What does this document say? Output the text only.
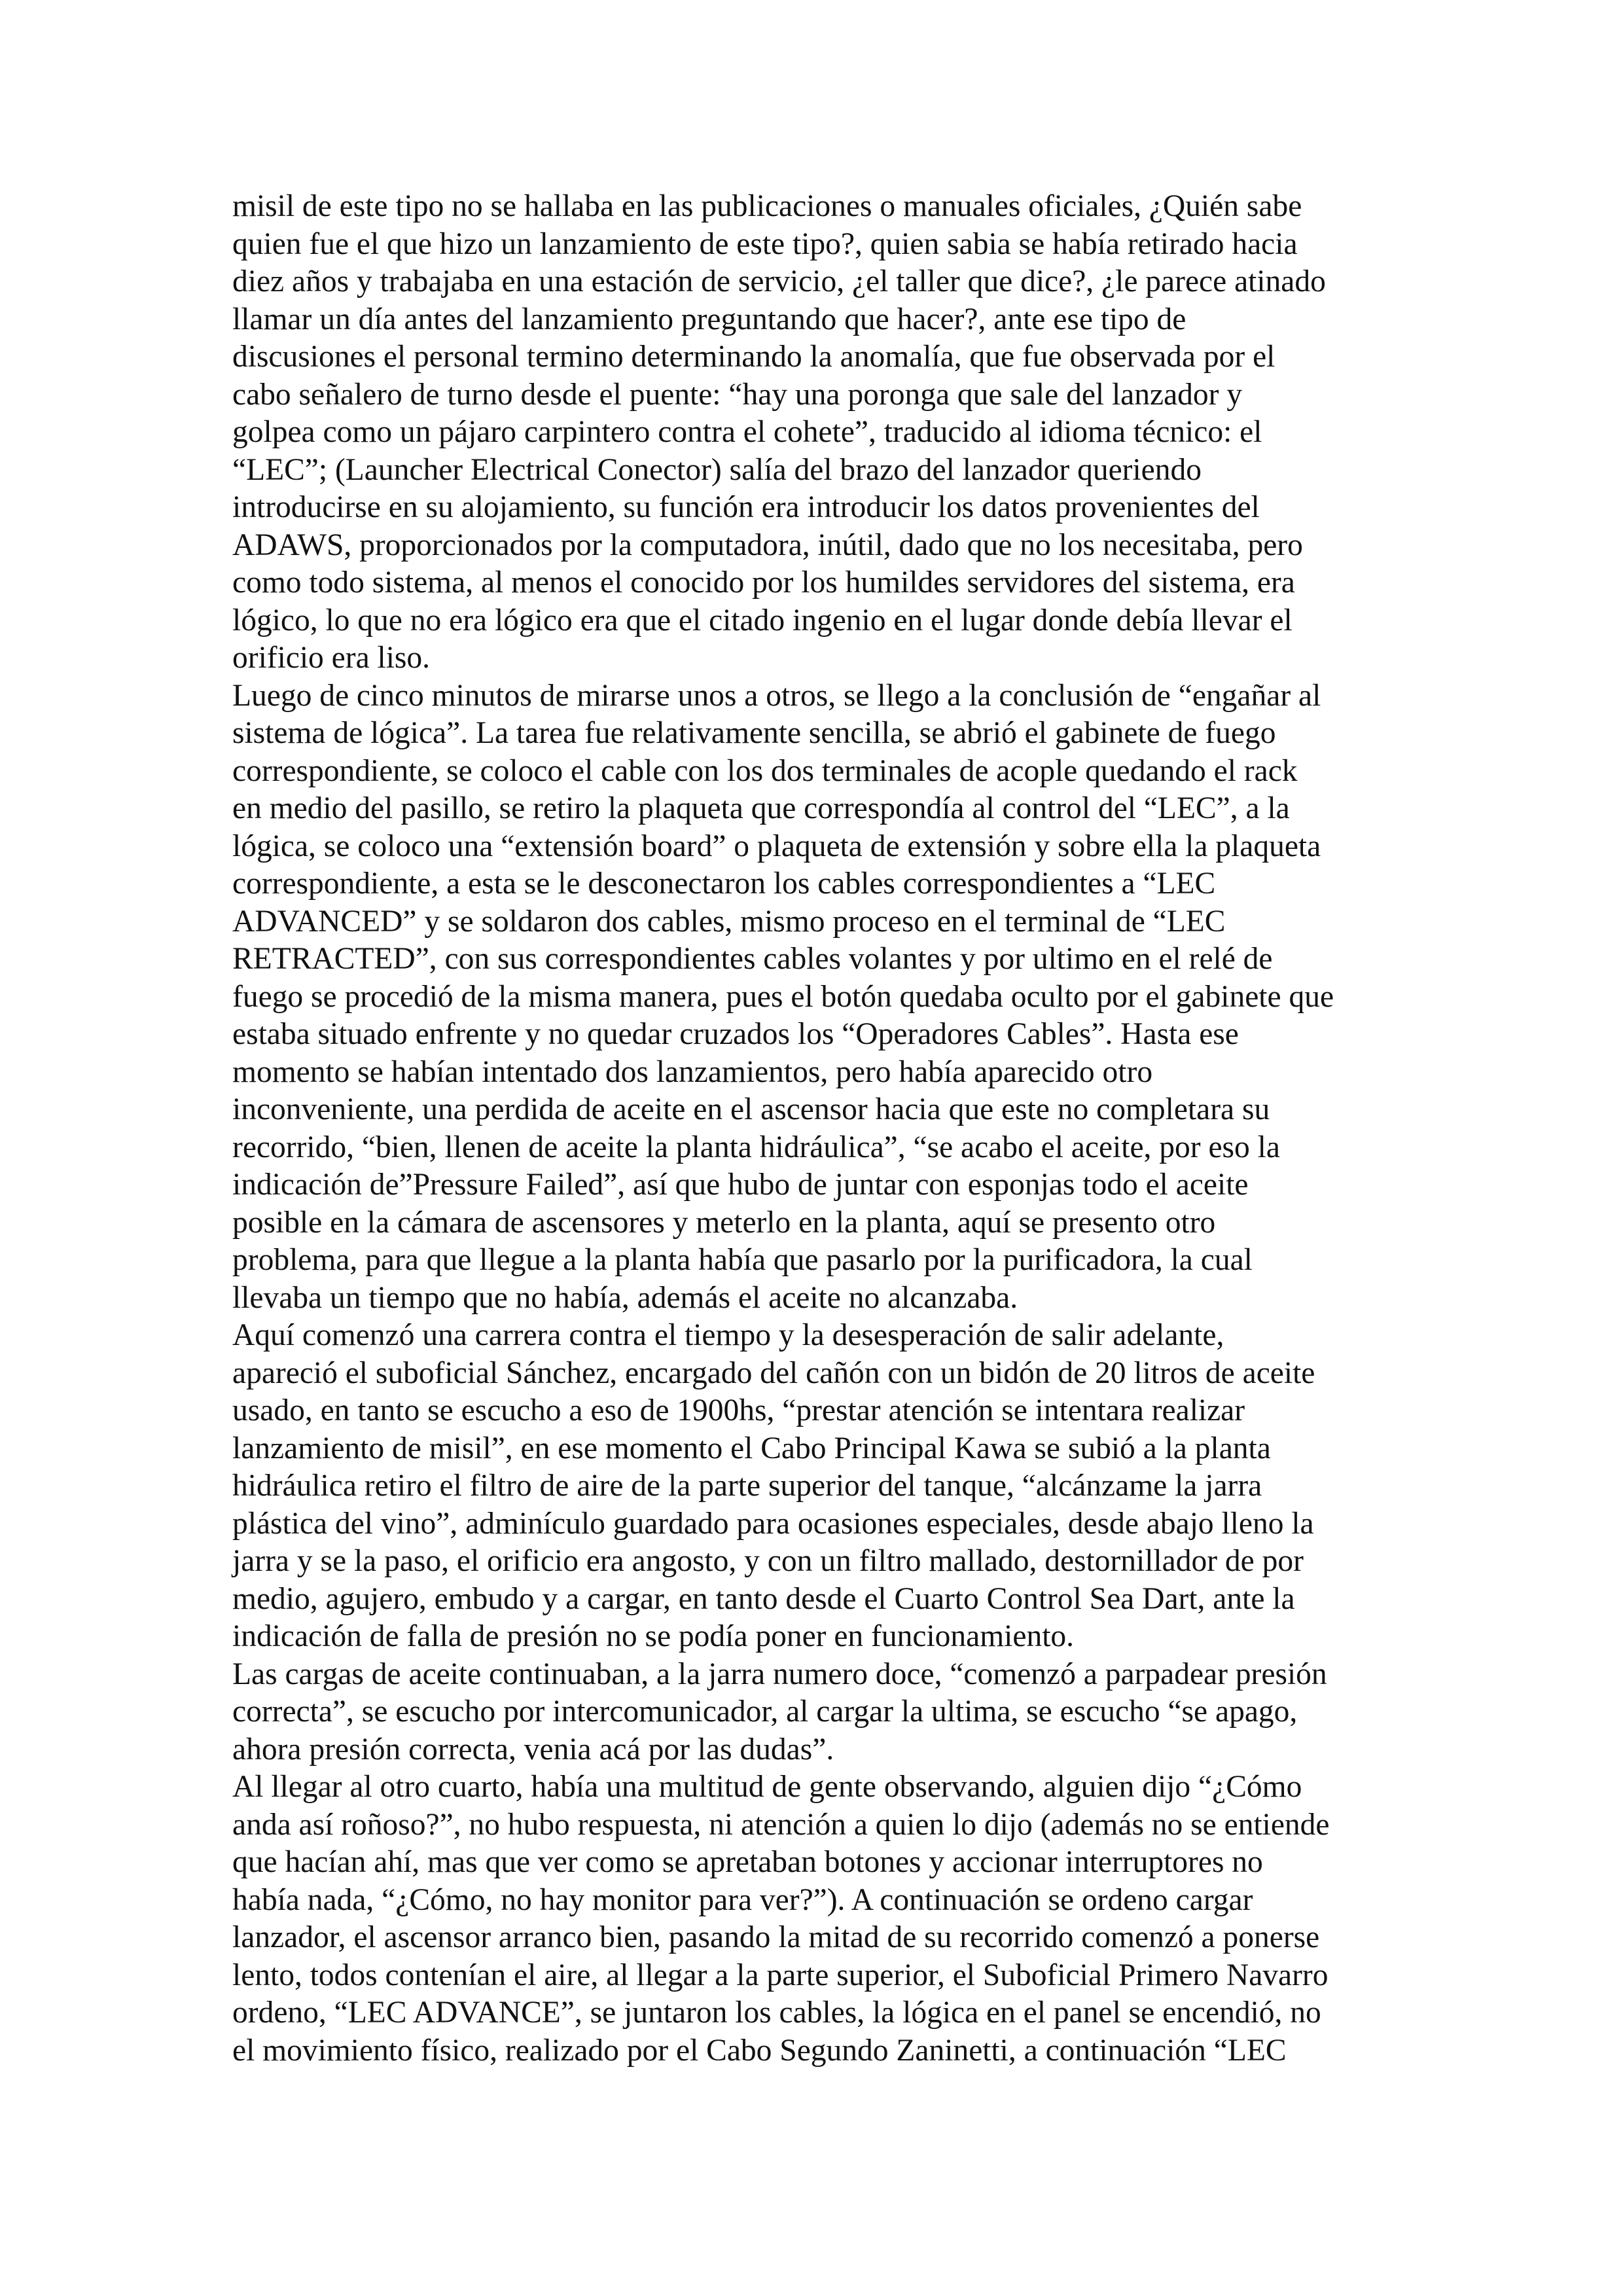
misil de este tipo no se hallaba en las publicaciones o manuales oficiales, ¿Quién sabe
quien fue el que hizo un lanzamiento de este tipo?, quien sabia se había retirado hacia
diez años y trabajaba en una estación de servicio, ¿el taller que dice?, ¿le parece atinado
llamar un día antes del lanzamiento preguntando que hacer?, ante ese tipo de
discusiones el personal termino determinando la anomalía, que fue observada por el
cabo señalero de turno desde el puente: “hay una poronga que sale del lanzador y
golpea como un pájaro carpintero contra el cohete”, traducido al idioma técnico: el
“LEC”; (Launcher Electrical Conector) salía del brazo del lanzador queriendo
introducirse en su alojamiento, su función era introducir los datos provenientes del
ADAWS, proporcionados por la computadora, inútil, dado que no los necesitaba, pero
como todo sistema, al menos el conocido por los humildes servidores del sistema, era
lógico, lo que no era lógico era que el citado ingenio en el lugar donde debía llevar el
orificio era liso.
Luego de cinco minutos de mirarse unos a otros, se llego a la conclusión de “engañar al
sistema de lógica”. La tarea fue relativamente sencilla, se abrió el gabinete de fuego
correspondiente, se coloco el cable con los dos terminales de acople quedando el rack
en medio del pasillo, se retiro la plaqueta que correspondía al control del “LEC”, a la
lógica, se coloco una “extensión board” o plaqueta de extensión y sobre ella la plaqueta
correspondiente, a esta se le desconectaron los cables correspondientes a “LEC
ADVANCED” y se soldaron dos cables, mismo proceso en el terminal de “LEC
RETRACTED”, con sus correspondientes cables volantes y por ultimo en el relé de
fuego se procedió de la misma manera, pues el botón quedaba oculto por el gabinete que
estaba situado enfrente y no quedar cruzados los “Operadores Cables”. Hasta ese
momento se habían intentado dos lanzamientos, pero había aparecido otro
inconveniente, una perdida de aceite en el ascensor hacia que este no completara su
recorrido, “bien, llenen de aceite la planta hidráulica”, “se acabo el aceite, por eso la
indicación de”Pressure Failed”, así que hubo de juntar con esponjas todo el aceite
posible en la cámara de ascensores y meterlo en la planta, aquí se presento otro
problema, para que llegue a la planta había que pasarlo por la purificadora, la cual
llevaba un tiempo que no había, además el aceite no alcanzaba.
Aquí comenzó una carrera contra el tiempo y la desesperación de salir adelante,
apareció el suboficial Sánchez, encargado del cañón con un bidón de 20 litros de aceite
usado, en tanto se escucho a eso de 1900hs, “prestar atención se intentara realizar
lanzamiento de misil”, en ese momento el Cabo Principal Kawa se subió a la planta
hidráulica retiro el filtro de aire de la parte superior del tanque, “alcánzame la jarra
plástica del vino”, adminículo guardado para ocasiones especiales, desde abajo lleno la
jarra y se la paso, el orificio era angosto, y con un filtro mallado, destornillador de por
medio, agujero, embudo y a cargar, en tanto desde el Cuarto Control Sea Dart, ante la
indicación de falla de presión no se podía poner en funcionamiento.
Las cargas de aceite continuaban, a la jarra numero doce, “comenzó a parpadear presión
correcta”, se escucho por intercomunicador, al cargar la ultima, se escucho “se apago,
ahora presión correcta, venia acá por las dudas”.
Al llegar al otro cuarto, había una multitud de gente observando, alguien dijo “¿Cómo
anda así roñoso?”, no hubo respuesta, ni atención a quien lo dijo (además no se entiende
que hacían ahí, mas que ver como se apretaban botones y accionar interruptores no
había nada, “¿Cómo, no hay monitor para ver?”). A continuación se ordeno cargar
lanzador, el ascensor arranco bien, pasando la mitad de su recorrido comenzó a ponerse
lento, todos contenían el aire, al llegar a la parte superior, el Suboficial Primero Navarro
ordeno, “LEC ADVANCE”, se juntaron los cables, la lógica en el panel se encendió, no
el movimiento físico, realizado por el Cabo Segundo Zaninetti, a continuación “LEC
